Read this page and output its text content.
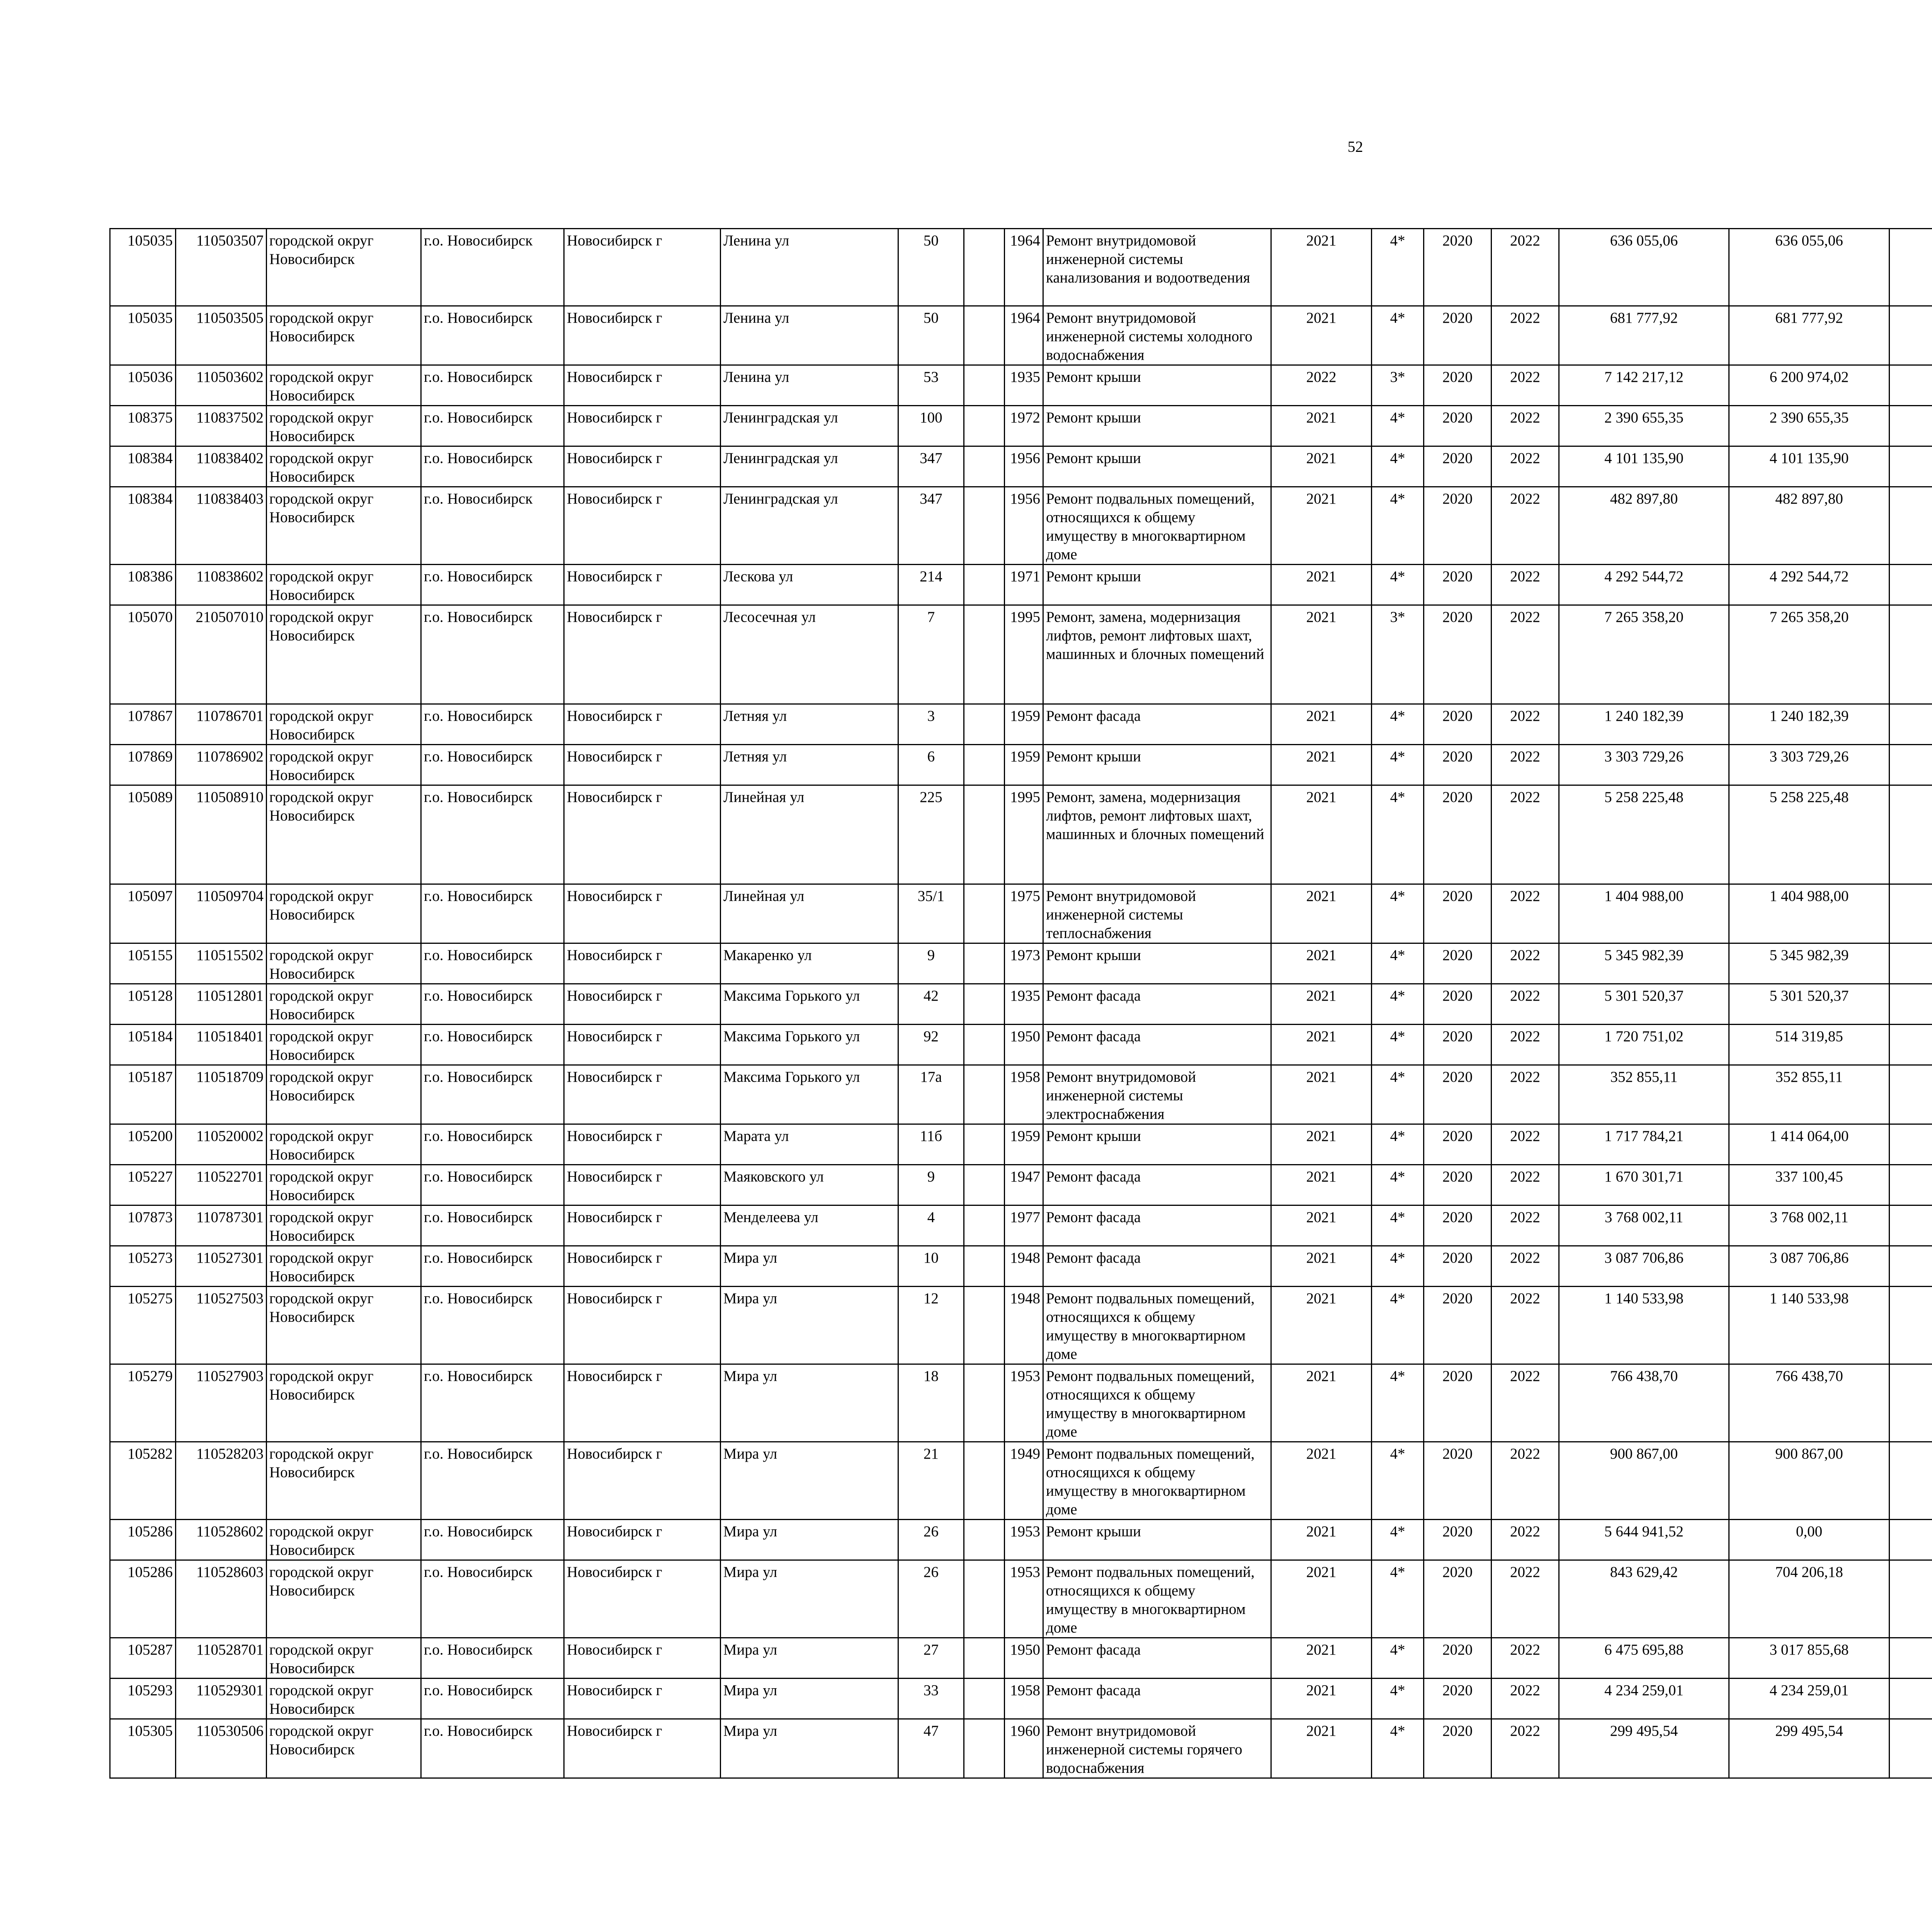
52
105035	110503507	городской округ Новосибирск	г.о. Новосибирск	Новосибирск г	Ленина ул	50		1964	Ремонт внутридомовой инженерной системы канализования и водоотведения	2021	4*	2020	2022	636 055,06	636 055,06						
105035	110503505	городской округ Новосибирск	г.о. Новосибирск	Новосибирск г	Ленина ул	50		1964	Ремонт внутридомовой инженерной системы холодного водоснабжения	2021	4*	2020	2022	681 777,92	681 777,92						
105036	110503602	городской округ Новосибирск	г.о. Новосибирск	Новосибирск г	Ленина ул	53		1935	Ремонт крыши	2022	3*	2020	2022	7 142 217,12	6 200 974,02						
108375	110837502	городской округ Новосибирск	г.о. Новосибирск	Новосибирск г	Ленинградская ул	100		1972	Ремонт крыши	2021	4*	2020	2022	2 390 655,35	2 390 655,35						
108384	110838402	городской округ Новосибирск	г.о. Новосибирск	Новосибирск г	Ленинградская ул	347		1956	Ремонт крыши	2021	4*	2020	2022	4 101 135,90	4 101 135,90						
108384	110838403	городской округ Новосибирск	г.о. Новосибирск	Новосибирск г	Ленинградская ул	347		1956	Ремонт подвальных помещений, относящихся к общему имуществу в многоквартирном доме	2021	4*	2020	2022	482 897,80	482 897,80						
108386	110838602	городской округ Новосибирск	г.о. Новосибирск	Новосибирск г	Лескова ул	214		1971	Ремонт крыши	2021	4*	2020	2022	4 292 544,72	4 292 544,72						
105070	210507010	городской округ Новосибирск	г.о. Новосибирск	Новосибирск г	Лесосечная ул	7		1995	Ремонт, замена, модернизация лифтов, ремонт лифтовых шахт, машинных и блочных помещений	2021	3*	2020	2022	7 265 358,20	7 265 358,20						
107867	110786701	городской округ Новосибирск	г.о. Новосибирск	Новосибирск г	Летняя ул	3		1959	Ремонт фасада	2021	4*	2020	2022	1 240 182,39	1 240 182,39						
107869	110786902	городской округ Новосибирск	г.о. Новосибирск	Новосибирск г	Летняя ул	6		1959	Ремонт крыши	2021	4*	2020	2022	3 303 729,26	3 303 729,26						
105089	110508910	городской округ Новосибирск	г.о. Новосибирск	Новосибирск г	Линейная ул	225		1995	Ремонт, замена, модернизация лифтов, ремонт лифтовых шахт, машинных и блочных помещений	2021	4*	2020	2022	5 258 225,48	5 258 225,48						
105097	110509704	городской округ Новосибирск	г.о. Новосибирск	Новосибирск г	Линейная ул	35/1		1975	Ремонт внутридомовой инженерной системы теплоснабжения	2021	4*	2020	2022	1 404 988,00	1 404 988,00						
105155	110515502	городской округ Новосибирск	г.о. Новосибирск	Новосибирск г	Макаренко ул	9		1973	Ремонт крыши	2021	4*	2020	2022	5 345 982,39	5 345 982,39						
105128	110512801	городской округ Новосибирск	г.о. Новосибирск	Новосибирск г	Максима Горького ул	42		1935	Ремонт фасада	2021	4*	2020	2022	5 301 520,37	5 301 520,37						
105184	110518401	городской округ Новосибирск	г.о. Новосибирск	Новосибирск г	Максима Горького ул	92		1950	Ремонт фасада	2021	4*	2020	2022	1 720 751,02	514 319,85						
105187	110518709	городской округ Новосибирск	г.о. Новосибирск	Новосибирск г	Максима Горького ул	17а		1958	Ремонт внутридомовой инженерной системы электроснабжения	2021	4*	2020	2022	352 855,11	352 855,11						
105200	110520002	городской округ Новосибирск	г.о. Новосибирск	Новосибирск г	Марата ул	11б		1959	Ремонт крыши	2021	4*	2020	2022	1 717 784,21	1 414 064,00						
105227	110522701	городской округ Новосибирск	г.о. Новосибирск	Новосибирск г	Маяковского ул	9		1947	Ремонт фасада	2021	4*	2020	2022	1 670 301,71	337 100,45						
107873	110787301	городской округ Новосибирск	г.о. Новосибирск	Новосибирск г	Менделеева ул	4		1977	Ремонт фасада	2021	4*	2020	2022	3 768 002,11	3 768 002,11						
105273	110527301	городской округ Новосибирск	г.о. Новосибирск	Новосибирск г	Мира ул	10		1948	Ремонт фасада	2021	4*	2020	2022	3 087 706,86	3 087 706,86						
105275	110527503	городской округ Новосибирск	г.о. Новосибирск	Новосибирск г	Мира ул	12		1948	Ремонт подвальных помещений, относящихся к общему имуществу в многоквартирном доме	2021	4*	2020	2022	1 140 533,98	1 140 533,98						
105279	110527903	городской округ Новосибирск	г.о. Новосибирск	Новосибирск г	Мира ул	18		1953	Ремонт подвальных помещений, относящихся к общему имуществу в многоквартирном доме	2021	4*	2020	2022	766 438,70	766 438,70						
105282	110528203	городской округ Новосибирск	г.о. Новосибирск	Новосибирск г	Мира ул	21		1949	Ремонт подвальных помещений, относящихся к общему имуществу в многоквартирном доме	2021	4*	2020	2022	900 867,00	900 867,00						
105286	110528602	городской округ Новосибирск	г.о. Новосибирск	Новосибирск г	Мира ул	26		1953	Ремонт крыши	2021	4*	2020	2022	5 644 941,52	0,00						
105286	110528603	городской округ Новосибирск	г.о. Новосибирск	Новосибирск г	Мира ул	26		1953	Ремонт подвальных помещений, относящихся к общему имуществу в многоквартирном доме	2021	4*	2020	2022	843 629,42	704 206,18						
105287	110528701	городской округ Новосибирск	г.о. Новосибирск	Новосибирск г	Мира ул	27		1950	Ремонт фасада	2021	4*	2020	2022	6 475 695,88	3 017 855,68						
105293	110529301	городской округ Новосибирск	г.о. Новосибирск	Новосибирск г	Мира ул	33		1958	Ремонт фасада	2021	4*	2020	2022	4 234 259,01	4 234 259,01						
105305	110530506	городской округ Новосибирск	г.о. Новосибирск	Новосибирск г	Мира ул	47		1960	Ремонт внутридомовой инженерной системы горячего водоснабжения	2021	4*	2020	2022	299 495,54	299 495,54						
